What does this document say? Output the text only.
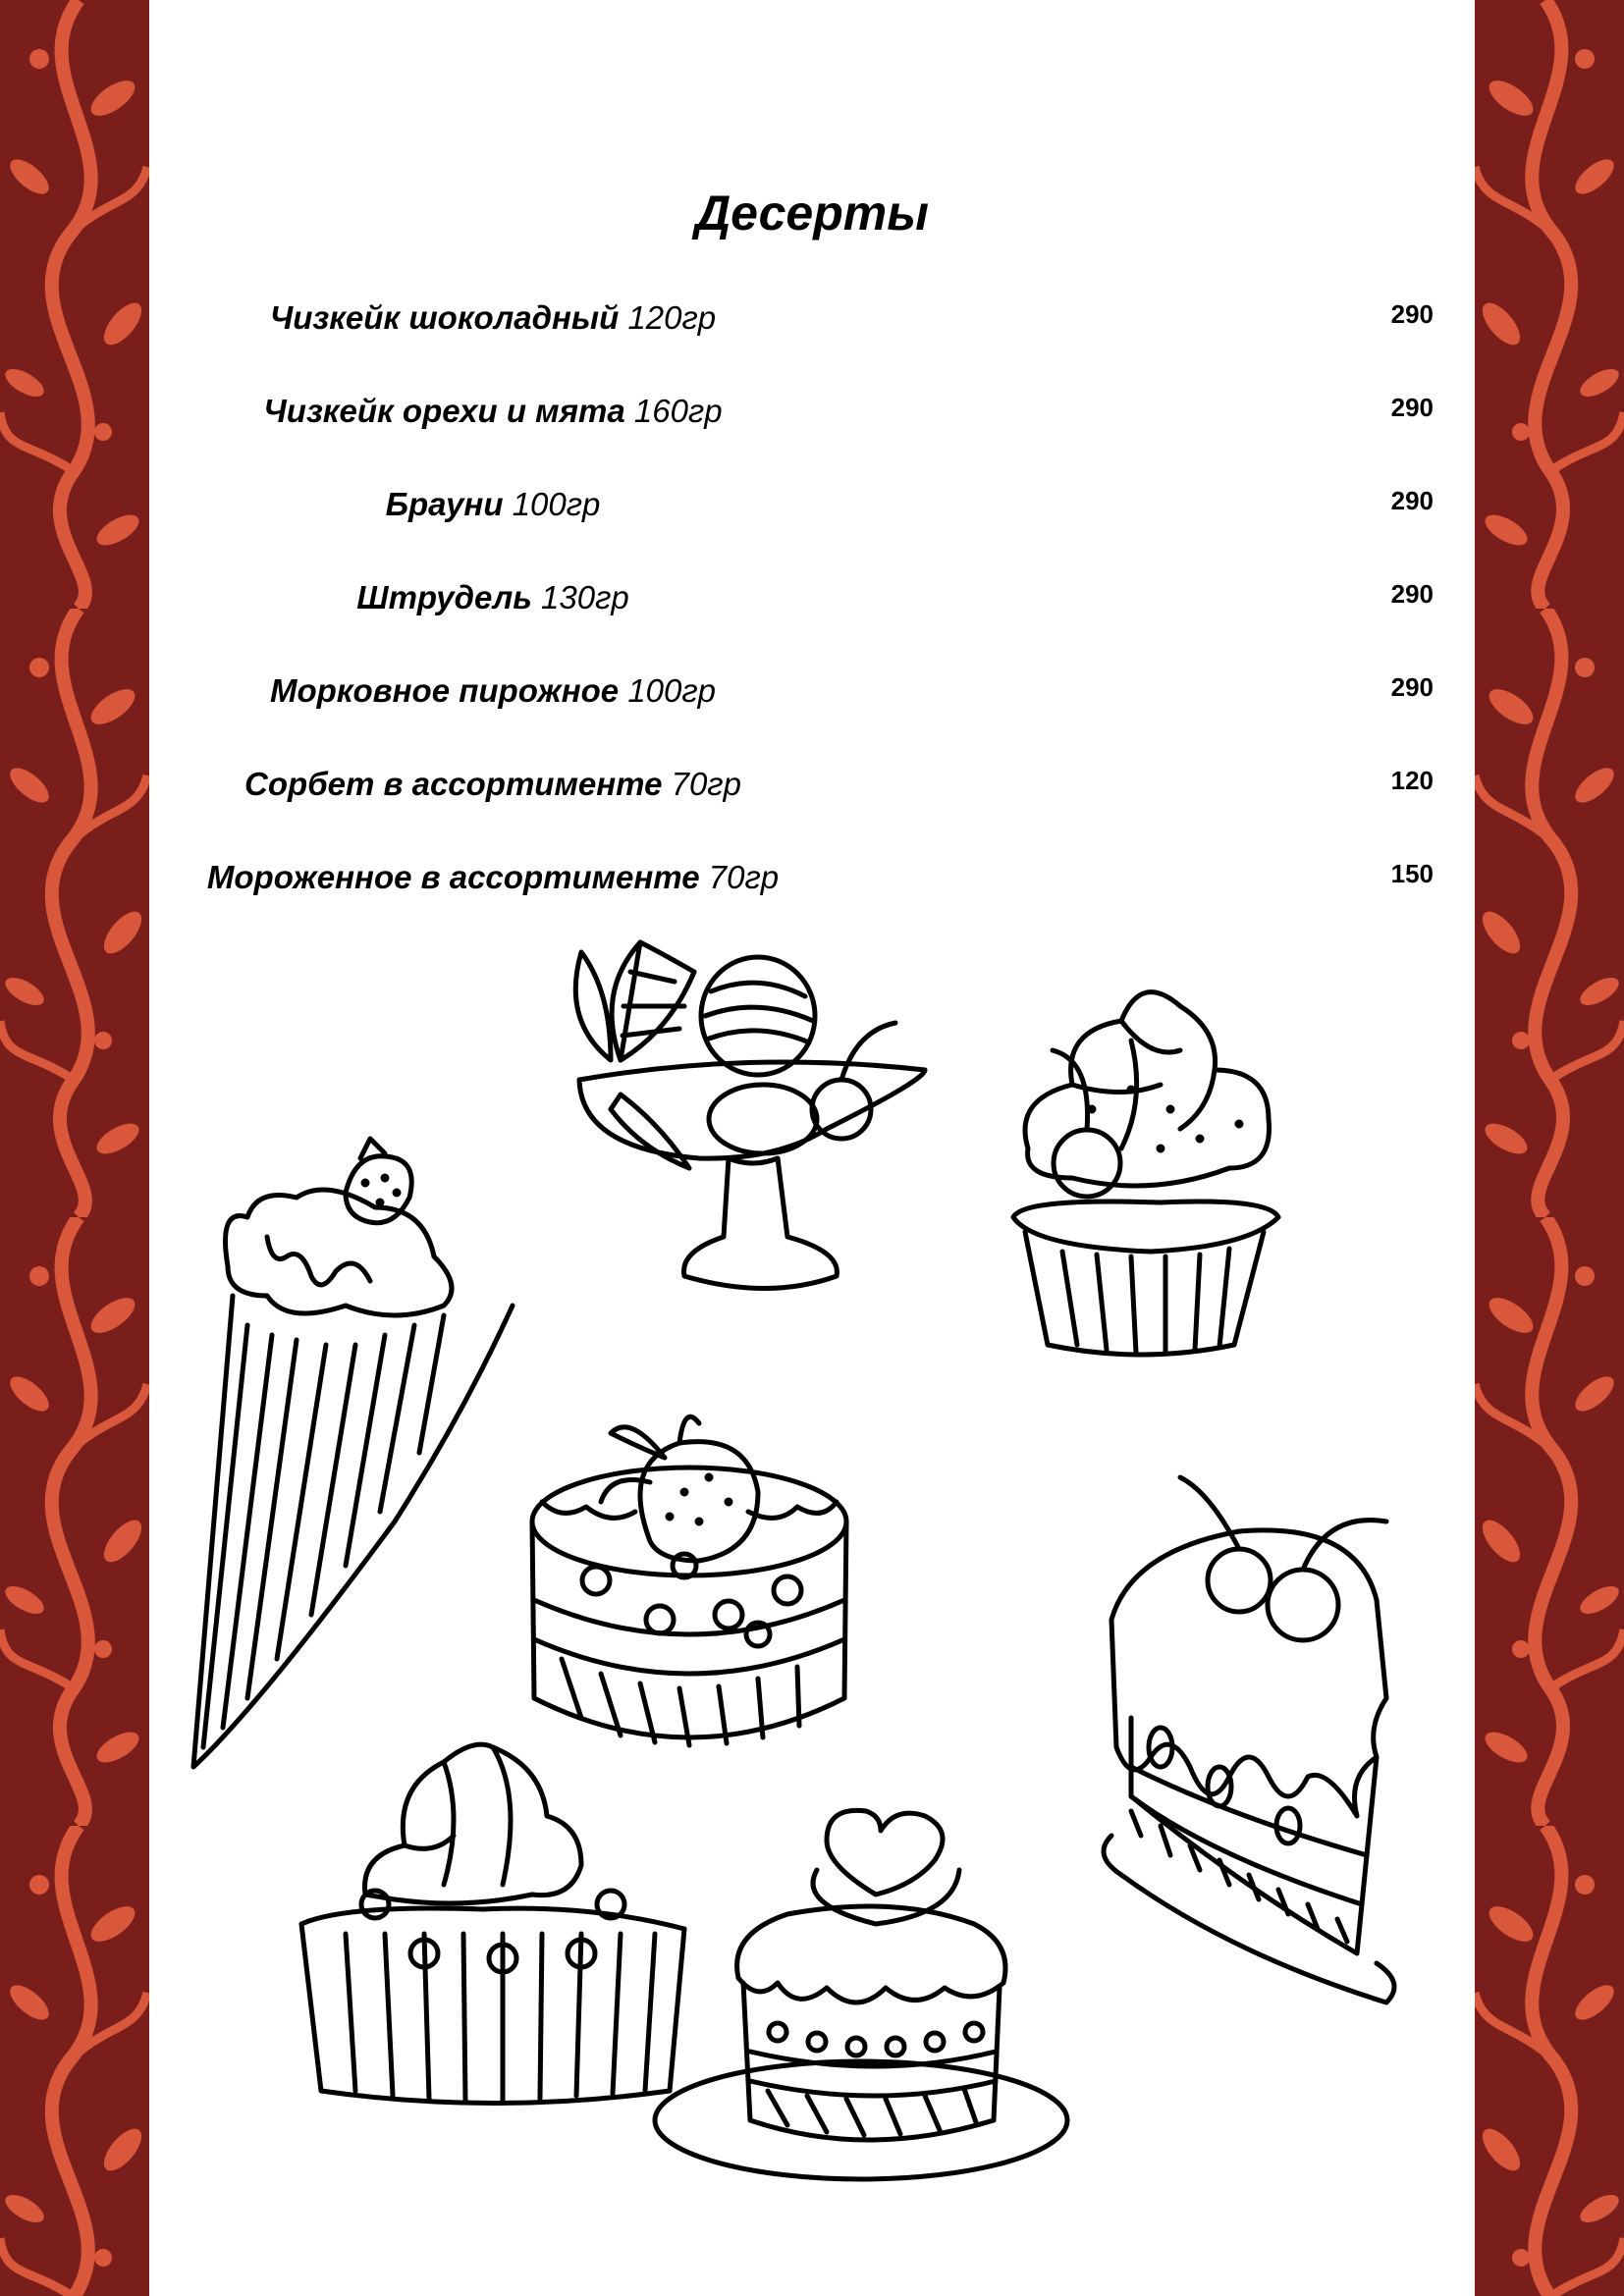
Десерты
Чизкейк шоколадный 120гр	290
Чизкейк орехи и мята 160гр	290
Брауни 100гр	290
Штрудель 130гр	290
Морковное пирожное 100гр	290
Сорбет в ассортименте 70гр	120
Мороженное в ассортименте 70гр	150
